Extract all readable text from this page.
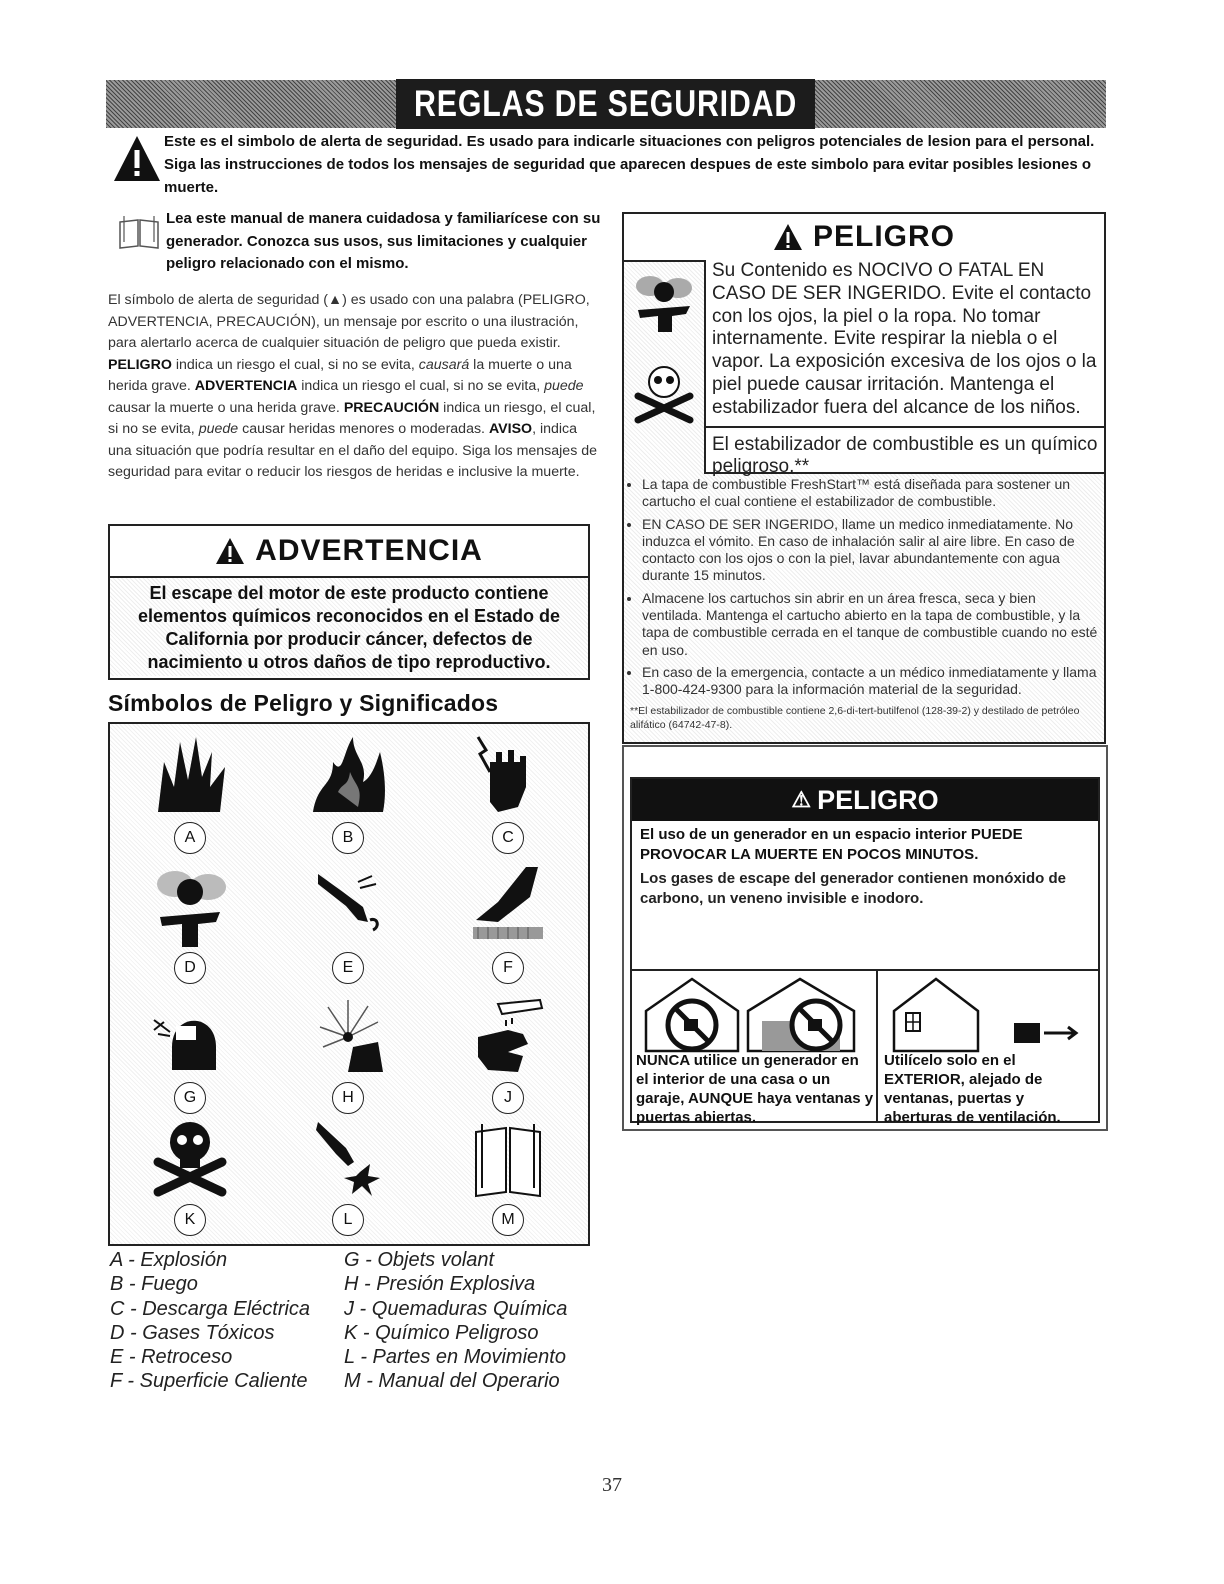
REGLAS DE SEGURIDAD
Este es el simbolo de alerta de seguridad. Es usado para indicarle situaciones con peligros potenciales de lesion para el personal. Siga las instrucciones de todos los mensajes de seguridad que aparecen despues de este simbolo para evitar posibles lesiones o muerte.
Lea este manual de manera cuidadosa y familiarícese con su generador. Conozca sus usos, sus limitaciones y cualquier peligro relacionado con el mismo.
El símbolo de alerta de seguridad (▲) es usado con una palabra (PELIGRO, ADVERTENCIA, PRECAUCIÓN), un mensaje por escrito o una ilustración, para alertarlo acerca de cualquier situación de peligro que pueda existir. PELIGRO indica un riesgo el cual, si no se evita, causará la muerte o una herida grave. ADVERTENCIA indica un riesgo el cual, si no se evita, puede causar la muerte o una herida grave. PRECAUCIÓN indica un riesgo, el cual, si no se evita, puede causar heridas menores o moderadas. AVISO, indica una situación que podría resultar en el daño del equipo. Siga los mensajes de seguridad para evitar o reducir los riesgos de heridas e inclusive la muerte.
ADVERTENCIA
El escape del motor de este producto contiene elementos químicos reconocidos en el Estado de California por producir cáncer, defectos de nacimiento u otros daños de tipo reproductivo.
Símbolos de Peligro y Significados
A	B	C
D	E	F
G	H	J
K	L	M
A - Explosión
B - Fuego
C - Descarga Eléctrica
D - Gases Tóxicos
E - Retroceso
F - Superficie Caliente
G - Objets volant
H - Presión Explosiva
J - Quemaduras Química
K - Químico Peligroso
L - Partes en Movimiento
M - Manual del Operario
PELIGRO
Su Contenido es NOCIVO O FATAL EN CASO DE SER INGERIDO. Evite el contacto con los ojos, la piel o la ropa. No tomar internamente. Evite respirar la niebla o el vapor. La exposición excesiva de los ojos o la piel puede causar irritación. Mantenga el estabilizador fuera del alcance de los niños.
El estabilizador de combustible es un químico peligroso.**
• La tapa de combustible FreshStart™ está diseñada para sostener un cartucho el cual contiene el estabilizador de combustible.
• EN CASO DE SER INGERIDO, llame un medico inmediatamente. No induzca el vómito. En caso de inhalación salir al aire libre. En caso de contacto con los ojos o con la piel, lavar abundantemente con agua durante 15 minutos.
• Almacene los cartuchos sin abrir en un área fresca, seca y bien ventilada. Mantenga el cartucho abierto en la tapa de combustible, y la tapa de combustible cerrada en el tanque de combustible cuando no esté en uso.
• En caso de la emergencia, contacte a un médico inmediatamente y llama 1-800-424-9300 para la información material de la seguridad.
**El estabilizador de combustible contiene 2,6-di-tert-butilfenol (128-39-2) y destilado de petróleo alifático (64742-47-8).
⚠ PELIGRO
El uso de un generador en un espacio interior PUEDE PROVOCAR LA MUERTE EN POCOS MINUTOS.
Los gases de escape del generador contienen monóxido de carbono, un veneno invisible e inodoro.
NUNCA utilice un generador en el interior de una casa o un garaje, AUNQUE haya ventanas y puertas abiertas.
Utilícelo solo en el EXTERIOR, alejado de ventanas, puertas y aberturas de ventilación.
37
